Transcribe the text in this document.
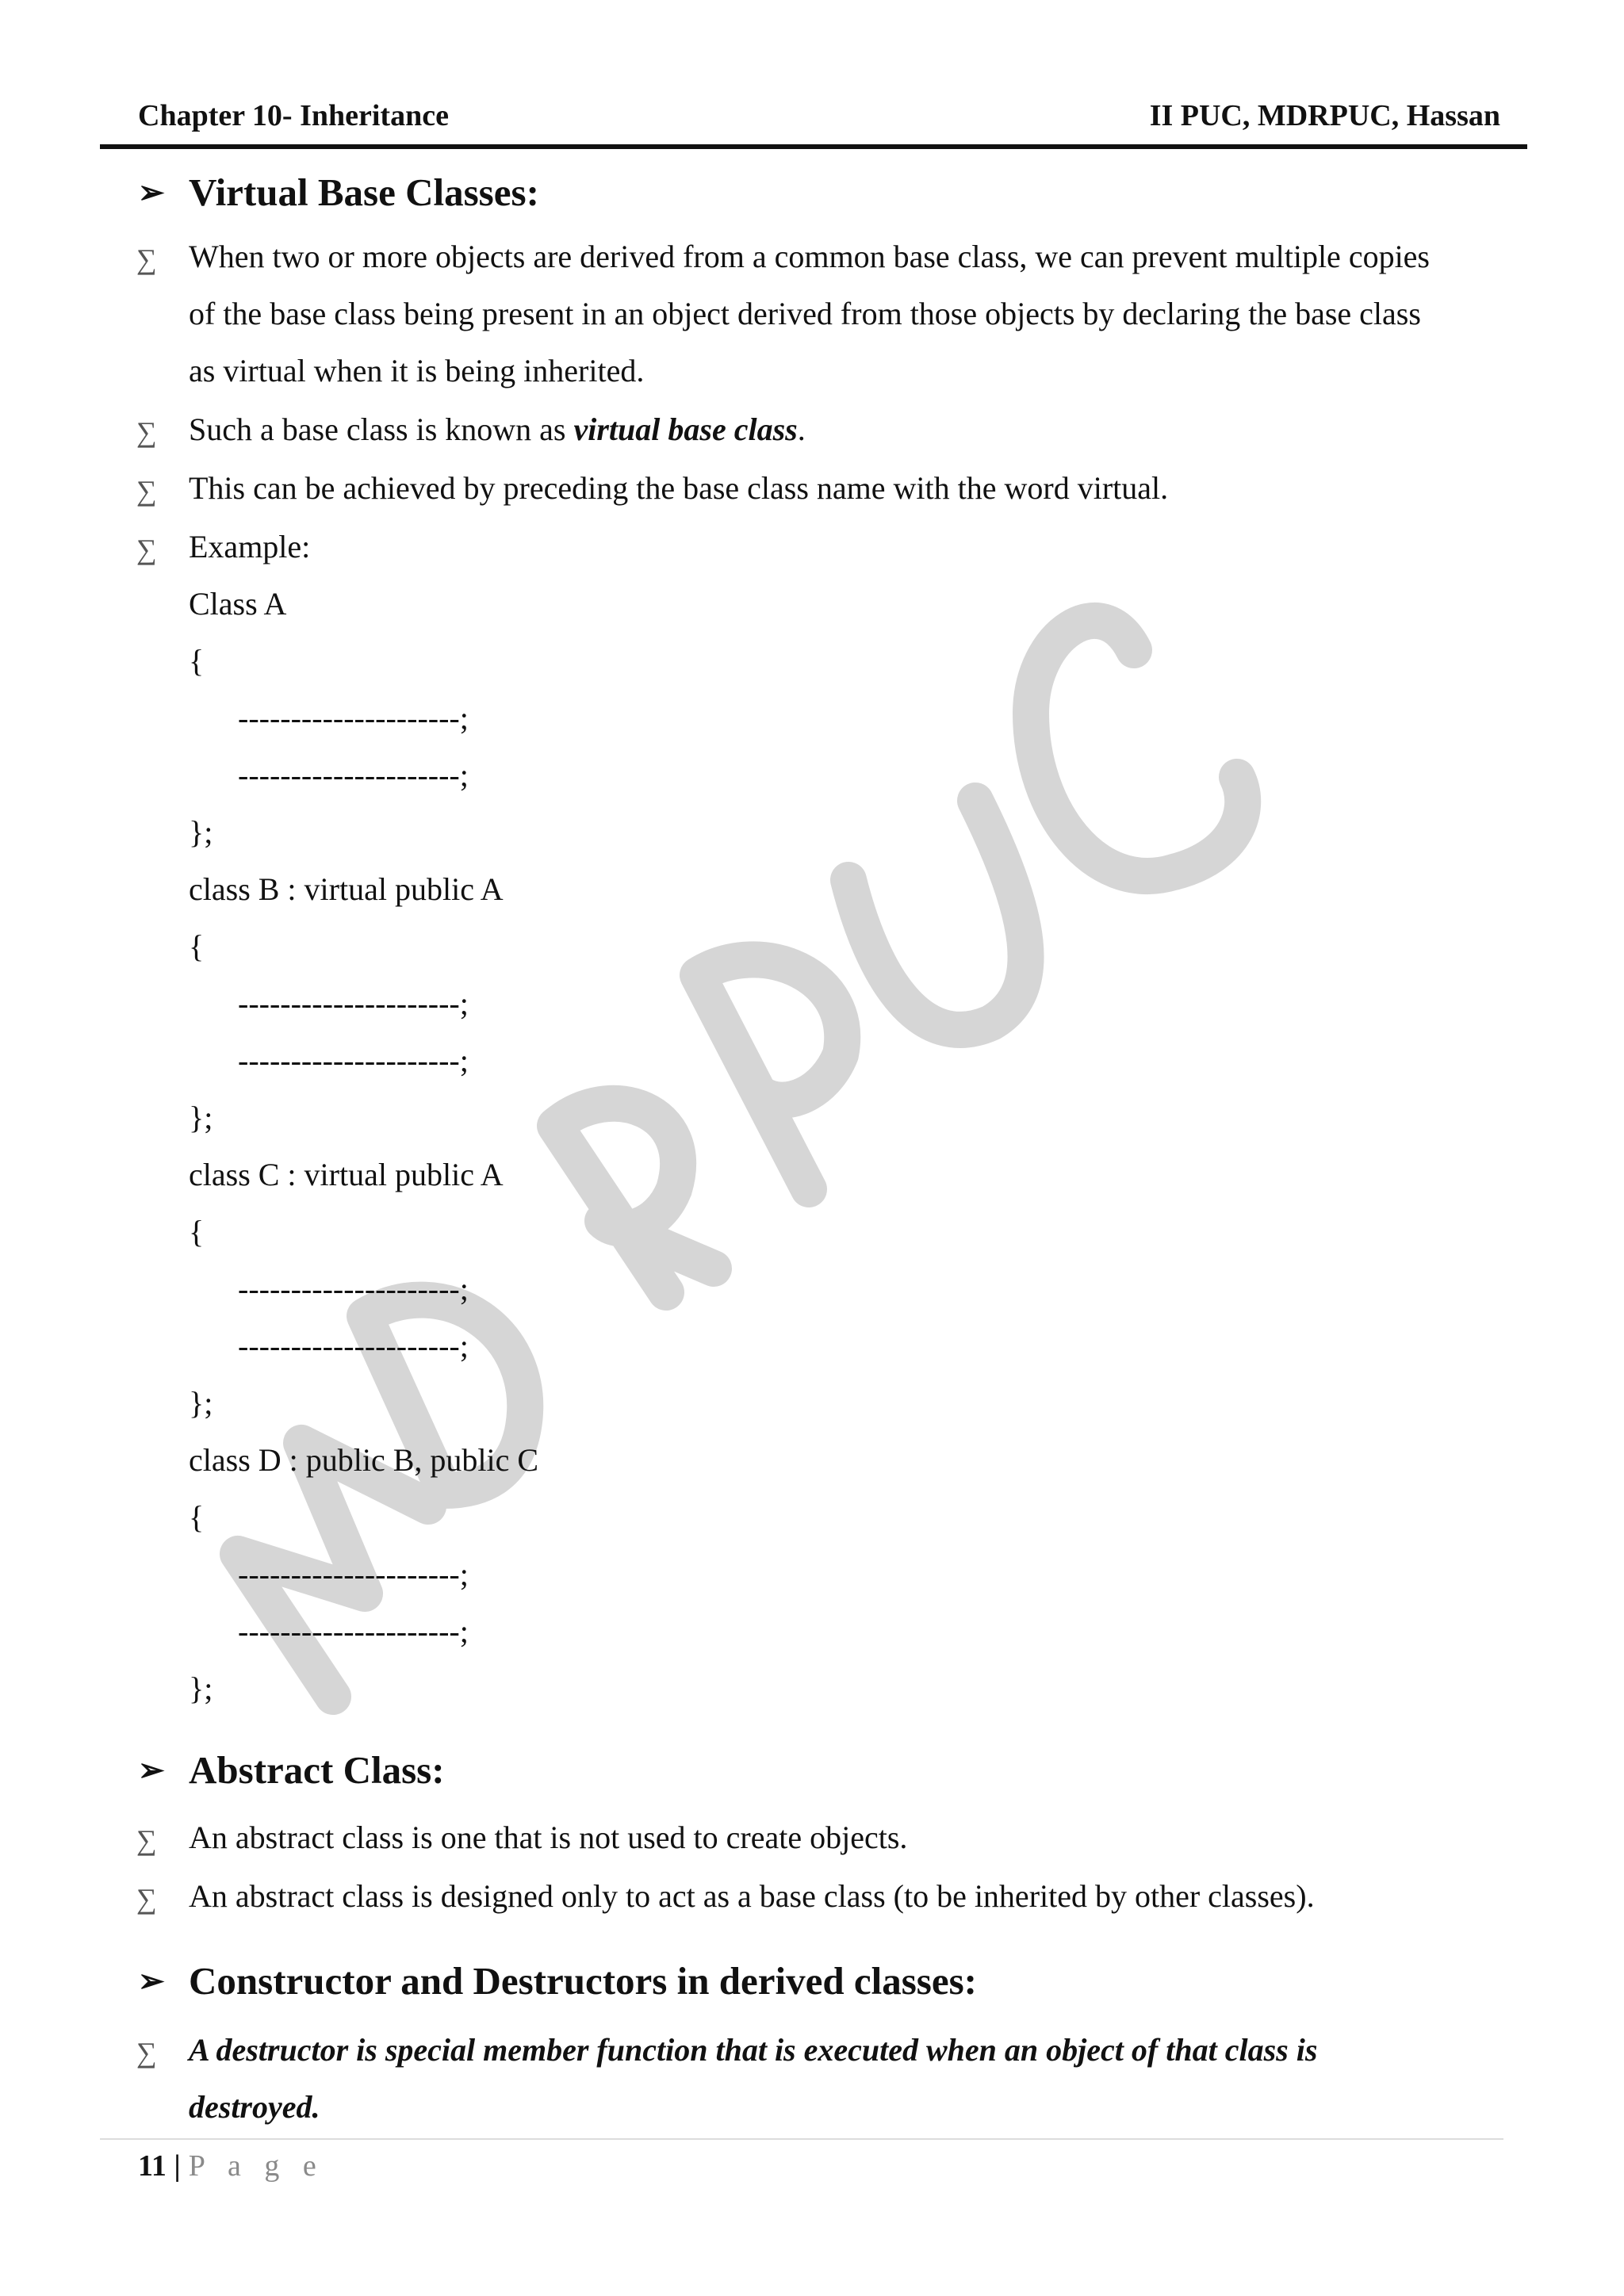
Chapter 10- Inheritance	II PUC, MDRPUC, Hassan
➢ Virtual Base Classes:
∑ When two or more objects are derived from a common base class, we can prevent multiple copies
of the base class being present in an object derived from those objects by declaring the base class
as virtual when it is being inherited.
∑ Such a base class is known as virtual base class.
∑ This can be achieved by preceding the base class name with the word virtual.
∑ Example:
Class A
{
---------------------;
---------------------;
};
class B : virtual public A
{
---------------------;
---------------------;
};
class C : virtual public A
{
---------------------;
---------------------;
};
class D : public B, public C
{
---------------------;
---------------------;
};
➢ Abstract Class:
∑ An abstract class is one that is not used to create objects.
∑ An abstract class is designed only to act as a base class (to be inherited by other classes).
➢ Constructor and Destructors in derived classes:
∑ A destructor is special member function that is executed when an object of that class is
destroyed.
11 | P a g e
